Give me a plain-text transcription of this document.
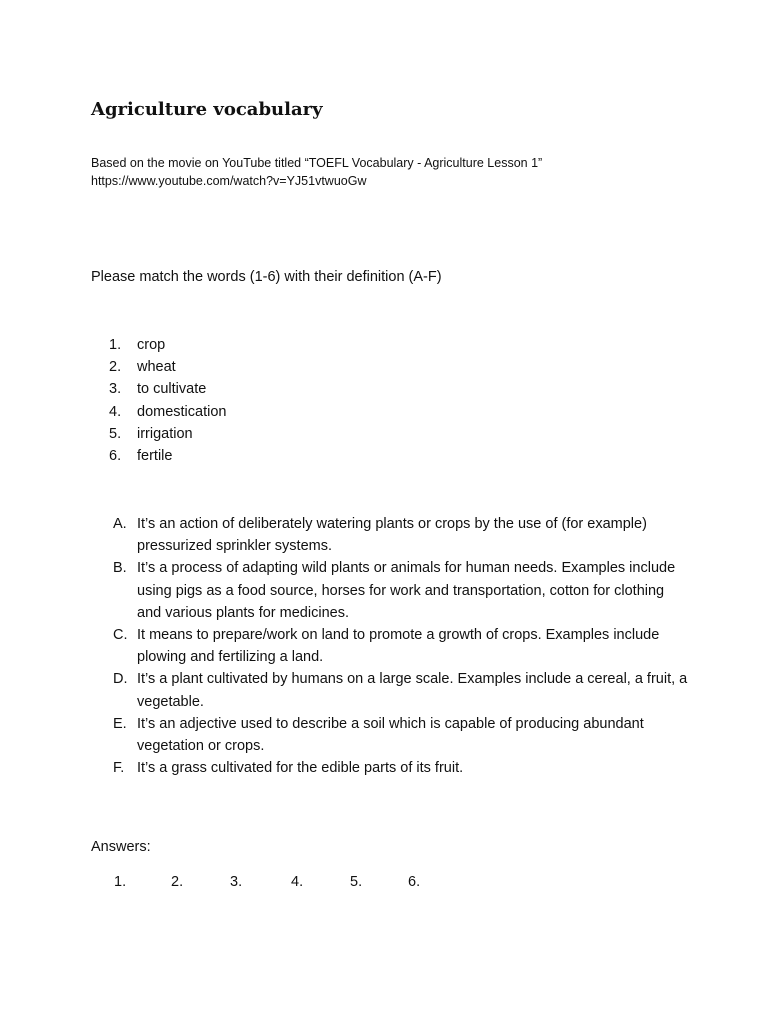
Agriculture vocabulary
Based on the movie on YouTube titled “TOEFL Vocabulary - Agriculture Lesson 1”
https://www.youtube.com/watch?v=YJ51vtwuoGw
Please match the words (1-6) with their definition (A-F)
1.	crop
2.	wheat
3.	to cultivate
4.	domestication
5.	irrigation
6.	fertile
A. It’s an action of deliberately watering plants or crops by the use of (for example) pressurized sprinkler systems.
B. It’s a process of adapting wild plants or animals for human needs. Examples include using pigs as a food source, horses for work and transportation, cotton for clothing and various plants for medicines.
C. It means to prepare/work on land to promote a growth of crops. Examples include plowing and fertilizing a land.
D. It’s a plant cultivated by humans on a large scale. Examples include a cereal, a fruit, a vegetable.
E. It’s an adjective used to describe a soil which is capable of producing abundant vegetation or crops.
F. It’s a grass cultivated for the edible parts of its fruit.
Answers:
1.	2.	3.	4.	5.	6.
